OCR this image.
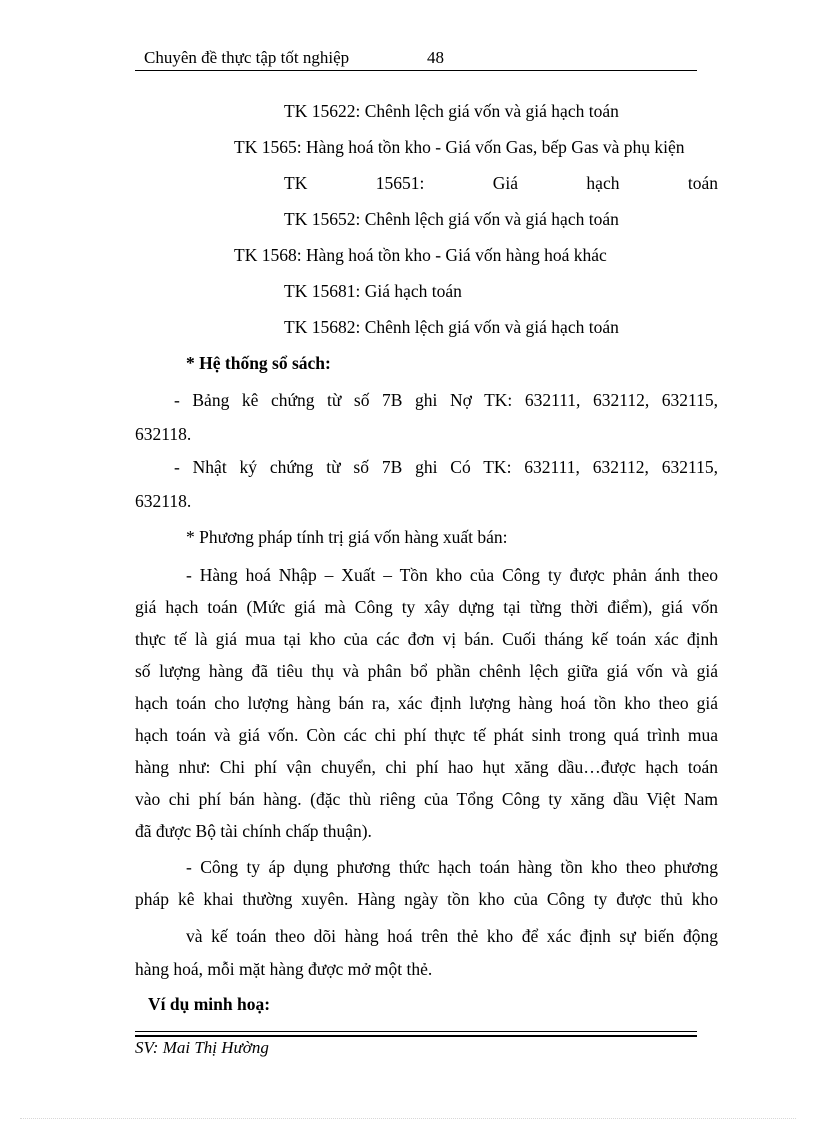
Chuyên đề thực tập tốt nghiệp	48
TK 15622: Chênh lệch giá vốn và giá hạch toán
TK 1565: Hàng hoá tồn kho - Giá vốn Gas, bếp Gas và phụ kiện
TK 15651: Giá hạch toán
TK 15652: Chênh lệch giá vốn và giá hạch toán
TK 1568: Hàng hoá tồn kho - Giá vốn hàng hoá khác
TK 15681: Giá hạch toán
TK 15682: Chênh lệch giá vốn và giá hạch toán
* Hệ thống sổ sách:
- Bảng kê chứng từ số 7B ghi Nợ TK: 632111, 632112, 632115,
632118.
- Nhật ký chứng từ số 7B ghi Có TK: 632111, 632112, 632115,
632118.
* Phương pháp tính trị giá vốn hàng xuất bán:
- Hàng hoá Nhập – Xuất – Tồn kho của Công ty được phản ánh theo
giá hạch toán (Mức giá mà Công ty xây dựng tại từng thời điểm), giá vốn
thực tế là giá mua tại kho của các đơn vị bán. Cuối tháng kế toán xác định
số lượng hàng đã tiêu thụ và phân bổ phần chênh lệch giữa giá vốn và giá
hạch toán cho lượng hàng bán ra, xác định lượng hàng hoá tồn kho theo giá
hạch toán và giá vốn. Còn các chi phí thực tế phát sinh trong quá trình mua
hàng như: Chi phí vận chuyển, chi phí hao hụt xăng dầu…được hạch toán
vào chi phí bán hàng. (đặc thù riêng của Tổng Công ty xăng dầu Việt Nam
đã được Bộ tài chính chấp thuận).
- Công ty áp dụng phương thức hạch toán hàng tồn kho theo phương
pháp kê khai thường xuyên. Hàng ngày tồn kho của Công ty được thủ kho
và kế toán theo dõi hàng hoá trên thẻ kho để xác định sự biến động
hàng hoá, mỗi mặt hàng được mở một thẻ.
Ví dụ minh hoạ:
SV: Mai Thị Hường
